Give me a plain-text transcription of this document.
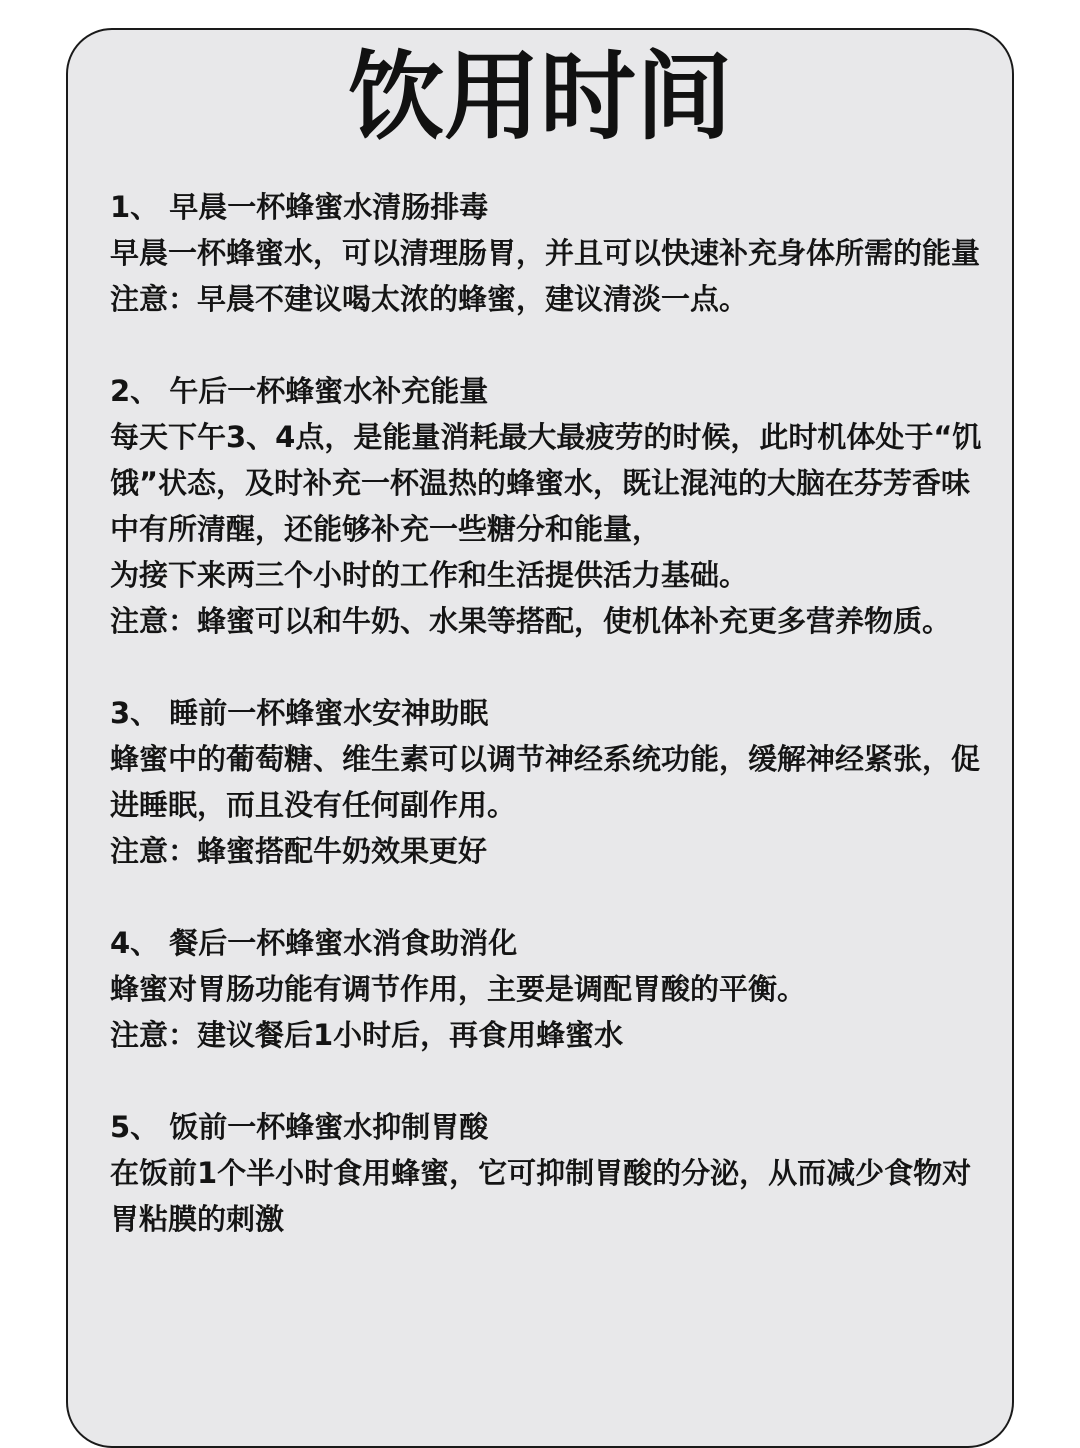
饮用时间

1、 早晨一杯蜂蜜水清肠排毒

早晨一杯蜂蜜水，可以清理肠胃，并且可以快速补充身体所需的能量

注意：早晨不建议喝太浓的蜂蜜，建议清淡一点。

2、 午后一杯蜂蜜水补充能量

每天下午3、4点，是能量消耗最大最疲劳的时候，此时机体处于“饥饿”状态，及时补充一杯温热的蜂蜜水，既让混沌的大脑在芬芳香味中有所清醒，还能够补充一些糖分和能量，

为接下来两三个小时的工作和生活提供活力基础。

注意：蜂蜜可以和牛奶、水果等搭配，使机体补充更多营养物质。

3、 睡前一杯蜂蜜水安神助眠

蜂蜜中的葡萄糖、维生素可以调节神经系统功能，缓解神经紧张，促进睡眠，而且没有任何副作用。

注意：蜂蜜搭配牛奶效果更好

4、 餐后一杯蜂蜜水消食助消化

蜂蜜对胃肠功能有调节作用，主要是调配胃酸的平衡。

注意：建议餐后1小时后，再食用蜂蜜水

5、 饭前一杯蜂蜜水抑制胃酸

在饭前1个半小时食用蜂蜜，它可抑制胃酸的分泌，从而减少食物对胃粘膜的刺激
